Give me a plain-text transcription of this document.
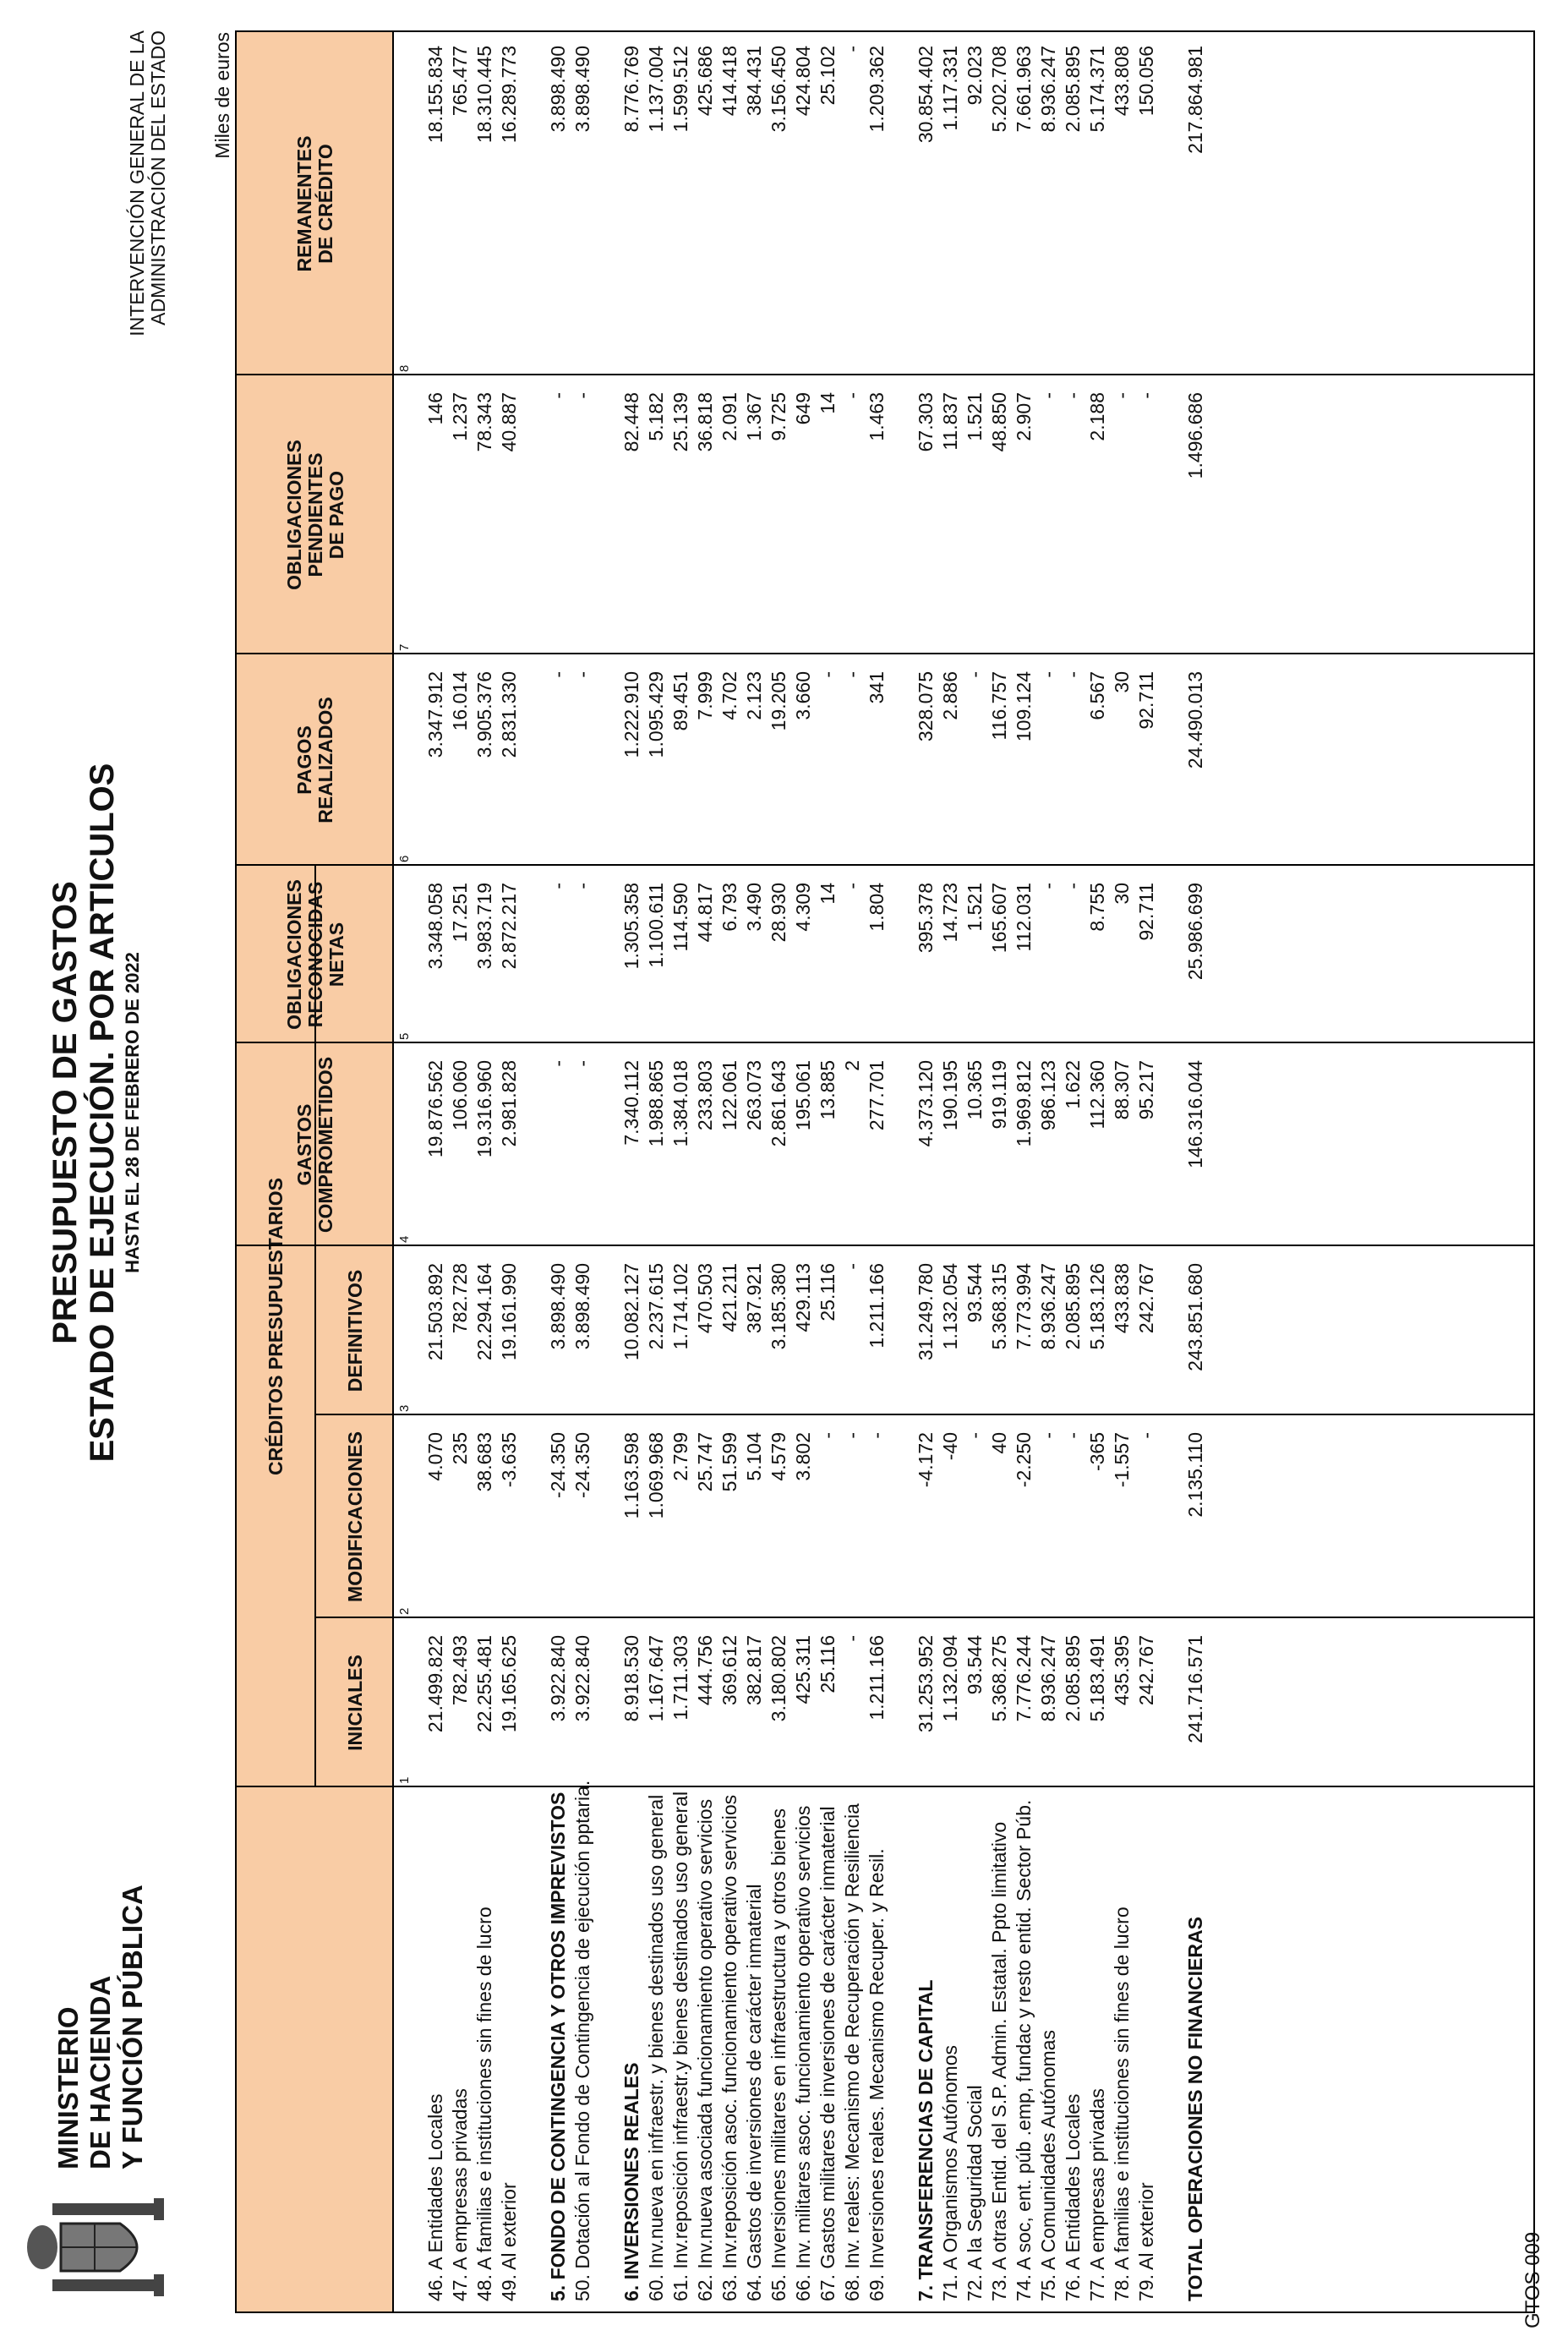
MINISTERIO DE HACIENDA Y FUNCIÓN PÚBLICA
PRESUPUESTO DE GASTOS ESTADO DE EJECUCIÓN. POR ARTICULOS HASTA EL 28 DE FEBRERO DE 2022
INTERVENCIÓN GENERAL DE LA ADMINISTRACIÓN DEL ESTADO Miles de euros
CRÉDITOS PRESUPUESTARIOS
INICIALES
MODIFICACIONES
DEFINITIVOS
GASTOS COMPROMETIDOS
OBLIGACIONES RECONOCIDAS NETAS
PAGOS REALIZADOS
OBLIGACIONES PENDIENTES DE PAGO
REMANENTES DE CRÉDITO
1
2
3
4
5
6
7
8
46. A Entidades Locales
21.499.822
4.070
21.503.892
19.876.562
3.348.058
3.347.912
146
18.155.834
47. A empresas privadas
782.493
235
782.728
106.060
17.251
16.014
1.237
765.477
48. A familias e instituciones sin fines de lucro
22.255.481
38.683
22.294.164
19.316.960
3.983.719
3.905.376
78.343
18.310.445
49. Al exterior
19.165.625
-3.635
19.161.990
2.981.828
2.872.217
2.831.330
40.887
16.289.773
5. FONDO DE CONTINGENCIA Y OTROS IMPREVISTOS
3.922.840
-24.350
3.898.490
-
-
-
-
3.898.490
50. Dotación al Fondo de Contingencia de ejecución pptaria.
3.922.840
-24.350
3.898.490
-
-
-
-
3.898.490
6. INVERSIONES REALES
8.918.530
1.163.598
10.082.127
7.340.112
1.305.358
1.222.910
82.448
8.776.769
60. Inv.nueva en infraestr. y bienes destinados uso general
1.167.647
1.069.968
2.237.615
1.988.865
1.100.611
1.095.429
5.182
1.137.004
61. Inv.reposición infraestr.y bienes destinados uso general
1.711.303
2.799
1.714.102
1.384.018
114.590
89.451
25.139
1.599.512
62. Inv.nueva asociada funcionamiento operativo servicios
444.756
25.747
470.503
233.803
44.817
7.999
36.818
425.686
63. Inv.reposición asoc. funcionamiento operativo servicios
369.612
51.599
421.211
122.061
6.793
4.702
2.091
414.418
64. Gastos de inversiones de carácter inmaterial
382.817
5.104
387.921
263.073
3.490
2.123
1.367
384.431
65. Inversiones militares en infraestructura y otros bienes
3.180.802
4.579
3.185.380
2.861.643
28.930
19.205
9.725
3.156.450
66. Inv. militares asoc. funcionamiento operativo servicios
425.311
3.802
429.113
195.061
4.309
3.660
649
424.804
67. Gastos militares de inversiones de carácter inmaterial
25.116
-
25.116
13.885
14
-
14
25.102
68. Inv. reales: Mecanismo de Recuperación y Resiliencia
-
-
-
2
-
-
-
-
69. Inversiones reales. Mecanismo Recuper. y Resil.
1.211.166
-
1.211.166
277.701
1.804
341
1.463
1.209.362
7. TRANSFERENCIAS DE CAPITAL
31.253.952
-4.172
31.249.780
4.373.120
395.378
328.075
67.303
30.854.402
71. A Organismos Autónomos
1.132.094
-40
1.132.054
190.195
14.723
2.886
11.837
1.117.331
72. A la Seguridad Social
93.544
-
93.544
10.365
1.521
-
1.521
92.023
73. A otras Entid. del S.P. Admin. Estatal. Ppto limitativo
5.368.275
40
5.368.315
919.119
165.607
116.757
48.850
5.202.708
74. A soc, ent. púb .emp, fundac y resto entid. Sector Púb.
7.776.244
-2.250
7.773.994
1.969.812
112.031
109.124
2.907
7.661.963
75. A Comunidades Autónomas
8.936.247
-
8.936.247
986.123
-
-
-
8.936.247
76. A Entidades Locales
2.085.895
-
2.085.895
1.622
-
-
-
2.085.895
77. A empresas privadas
5.183.491
-365
5.183.126
112.360
8.755
6.567
2.188
5.174.371
78. A familias e instituciones sin fines de lucro
435.395
-1.557
433.838
88.307
30
30
-
433.808
79. Al exterior
242.767
-
242.767
95.217
92.711
92.711
-
150.056
TOTAL OPERACIONES NO FINANCIERAS
241.716.571
2.135.110
243.851.680
146.316.044
25.986.699
24.490.013
1.496.686
217.864.981
GTOS 009
